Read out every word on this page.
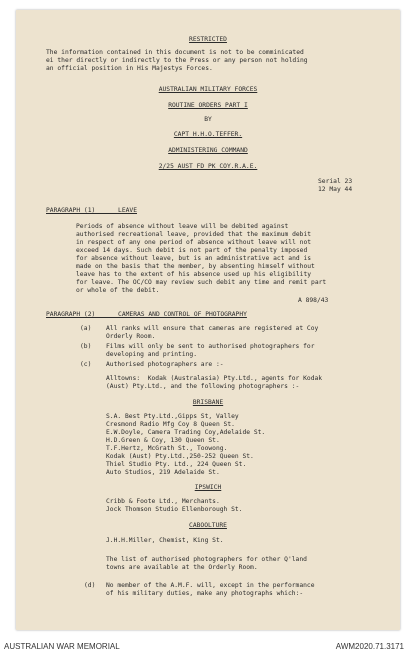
RESTRICTED
The information contained in this document is not to be comminicated
ei ther directly or indirectly to the Press or any person not holding
an official position in His Majestys Forces.
AUSTRALIAN MILITARY FORCES
ROUTINE ORDERS PART I
BY
CAPT H.H.O.TEFFER.
ADMINISTERING COMMAND
2/25 AUST FD PK COY.R.A.E.
Serial 23
12 May 44
PARAGRAPH (1)      LEAVE
Periods of absence without leave will be debited against
authorised recreational leave, provided that the maximum debit
in respect of any one period of absence without leave will not
exceed 14 days. Such debit is not part of the penalty imposed
for absence without leave, but is an administrative act and is
made on the basis that the member, by absenting himself without
leave has to the extent of his absence used up his eligibility
for leave. The OC/CO may review such debit any time and remit part
or whole of the debit.
A 898/43
PARAGRAPH (2)      CAMERAS AND CONTROL OF PHOTOGRAPHY
(a) All ranks will ensure that cameras are registered at Coy
Orderly Room.
(b) Films will only be sent to authorised photographers for
developing and printing.
(c) Authorised photographers are :-
Alltowns:  Kodak (Australasia) Pty.Ltd., agents for Kodak
(Aust) Pty.Ltd., and the following photographers :-
BRISBANE
S.A. Best Pty.Ltd.,Gipps St, Valley
Cresmond Radio Mfg Coy 8 Queen St.
E.W.Doyle, Camera Trading Coy,Adelaide St.
H.D.Green & Coy, 130 Queen St.
T.F.Hertz, McGrath St., Toowong.
Kodak (Aust) Pty.Ltd.,250-252 Queen St.
Thiel Studio Pty. Ltd., 224 Queen St.
Auto Studios, 219 Adelaide St.
IPSWICH
Cribb & Foote Ltd., Merchants.
Jock Thomson Studio Ellenborough St.
CABOOLTURE
J.H.H.Miller, Chemist, King St.
The list of authorised photographers for other Q'land
towns are available at the Orderly Room.
(d) No member of the A.M.F. will, except in the performance
of his military duties, make any photographs which:-
AUSTRALIAN WAR MEMORIAL	AWM2020.71.3171
